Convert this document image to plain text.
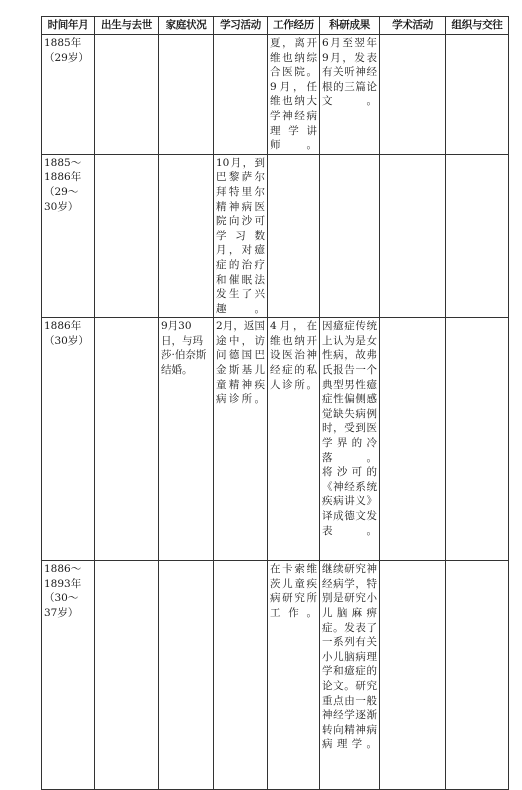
时间年月	出生与去世	家庭状况	学习活动	工作经历	科研成果	学术活动	组织与交往
1885年
（29岁）				夏，离开维也纳综合医院。9月，任维也纳大学神经病理学讲师。	6月至翌年9月，发表有关听神经根的三篇论文。		
1885～
1886年
（29～
30岁）			10月，到巴黎萨尔拜特里尔精神病医院向沙可学习数月，对癔症的治疗和催眠法发生了兴趣。				
1886年
（30岁）		9月30日，与玛莎·伯奈斯结婚。	2月，返国途中，访问德国巴金斯基儿童精神疾病诊所。	4月，在维也纳开设医治神经症的私人诊所。	因癔症传统上认为是女性病，故弗氏报告一个典型男性癔症性偏侧感觉缺失病例时，受到医学界的冷落。
将沙可的《神经系统疾病讲义》译成德文发表。		
1886～
1893年
（30～
37岁）				在卡索维茨儿童疾病研究所工作。	继续研究神经病学，特别是研究小儿脑麻痹症。发表了一系列有关小儿脑病理学和癔症的论文。研究重点由一般神经学逐渐转向精神病病理学。		
